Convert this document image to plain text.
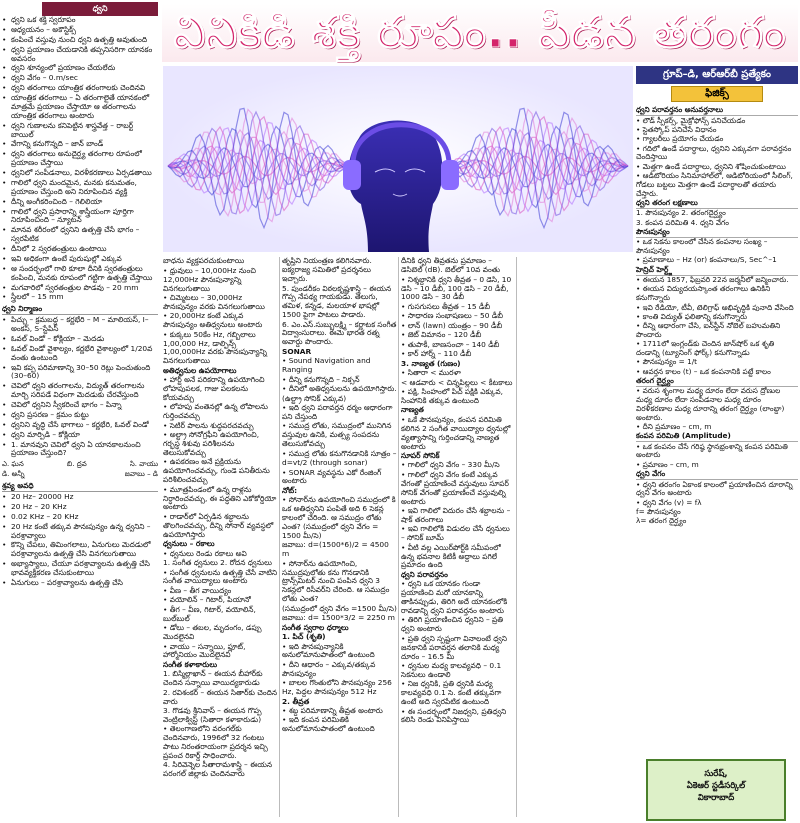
ధ్వని
• ధ్వని ఒక శక్తి స్వరూపం
• ఆధ్యయనం – అకౌస్టిక్స్
• కంపించే వస్తువు నుంచి ధ్వని ఉత్పత్తి అవుతుంది
• ధ్వని ప్రయాణం చేయడానికి తప్పనిసరిగా యానకం అవసరం
• ధ్వని శూన్యంలో ప్రయాణం చేయలేదు
• ధ్వని వేగం – 0.m/sec
• ధ్వని తరంగాలు యాంత్రిక తరంగాలకు చెందినవి
• యాంత్రిక తరంగాలు – ఏ తరంగాలైతే యానకంలో మాత్రమే ప్రయాణం చేస్తాయో ఆ తరంగాలను యాంత్రిక తరంగాలు అంటారు
• ధ్వని గుణాలను కనిపెట్టిన శాస్త్రవేత్త – రాబర్ట్ బాయిల్
• వేగాన్ని కనుగొన్నది – జాన్ బాండ్
• ధ్వని తరంగాలు అనుదైర్ఘ్య తరంగాల రూపంలో ప్రయాణం చేస్తాయి
• ధ్వనిలో సంపీడనాలు, విరళీకరణాలు ఏర్పడతాయి
• గాలిలో ధ్వని మందమైన, మనకు కనుమతం, ప్రయాణం చేస్తుంది అని నిరూపించిన వ్యక్తి
• దీన్ని అంగీకరించింది – గెలిలియా
• గాలిలో ధ్వని ప్రసారాన్ని శాస్త్రీయంగా పూర్తిగా నిరూపించింది – న్యూటన్
• మానవ శరీరంలో ధ్వనిని ఉత్పత్తి చేసే భాగం – స్వరపేటిక
• దీనిలో 2 స్వరతంత్రులు ఉంటాయి
• ఇవి అధికంగా ఉంటే పురుషుల్లో ఎక్కువ
• ఆ సందర్భంలో గాలి కూలా దీనికి స్వరతంత్రులు కంపించి, మనకు రూపంలో గట్టిగా ఉత్పత్తి చేస్తాయి
• మగవారిలో స్వరతంత్రుల పొడవు – 20 mm
• స్త్రీలలో – 15 mm
ధ్వని నిర్మాణం
• పిచ్చు – క్రమబద్ధ – కర్ణభేరి – M – మాలియస్, I–అంకస్, S–స్టేపిస్
• ఓవల్ విండో – కోక్లియా – మెదడు
• ఓవల్ విండో వైశాల్యం, కర్ణభేరి వైశాల్యంలో 1/20వ వంతు ఉంటుంది
• ఇవి కప్ప పరిమాణాన్ని 30–50 రెట్లు పెంచుతుంది (30–60)
• చెవిలో ధ్వని తరంగాలను, విద్యుత్ తరంగాలను మార్చి సరిపడే విధంగా మెదడుకు చేరవేస్తుంది
• చెవిలో ధ్వనిని స్వీకరించే భాగం – పిన్నా
• ధ్వని ప్రసరణ – క్రమం కుట్టు
• ధ్వనిని వృద్ధి చేసే భాగాలు – కర్ణభేరి, ఓవల్ విండో
• ధ్వని మార్పిడి – కోక్లియా
• 1. మానవుని చెవిలో ధ్వని ఏ యానకాలనుంచి ప్రయాణం చేస్తుంది?
ఎ. ఘన	బి. ద్రవ	సి. వాయు
డి. అన్నీ	జవాబు – డి
శ్రవ్య అవధి
• 20 Hz– 20000 Hz
• 20 Hz – 20 KHz
• 0.02 KHz – 20 KHz
• 20 Hz కంటే తక్కువ పౌనఃపున్యం ఉన్న ధ్వనిని – పరశ్రావ్యాలు
• కొన్ని చేపలు, తిమింగలాలు, ఏనుగులు మెదడులో పరశ్రావ్యాలను ఉత్పత్తి చేసి వినగలుగుతాయి
• అభ్యాస్యాలు, చేయూ పరశ్రావ్యాలను ఉత్పత్తి చేసి భావవ్యక్తీకరణ చేసుకుంటాయి
• ఏనుగులు – పరశ్రావ్యాలను ఉత్పత్తి చేసి
వినికిడి శక్తి రూపం.. పీడన తరంగం
గ్రూప్–డి, ఆర్ఆర్‌బీ ప్రత్యేకం
ఫిజిక్స్
ధ్వని పరావర్తనం అనువర్తనాలు
• లౌడ్ స్పీకర్స్, మైక్రోఫోన్స్ పనిచేయడం
• స్టెతస్కోప్ పనిచేసే విధానం
• గ్యాలరీలు ప్రయోగం చేయడం
• గదిలో ఉండే పదార్థాలు, ధ్వనిని ఎక్కువగా పరావర్తనం చెందిస్తాయి
• మెత్తగా ఉండే పదార్థాలు, ధ్వనిని శోషించుకుంటాయి
• ఆడిటోరియం సినిమాహాల్‌లో, ఆడిటోరియంలో సీలింగ్, గోడలు బట్టలు మెత్తగా ఉండే పదార్థాలతో తయారు చేస్తారు.
ధ్వని తరంగ లక్షణాలు
1. పౌనఃపున్యం 2. తరంగదైర్ఘ్యం
3. కంపన పరిమితి 4. ధ్వని వేగం
పౌనఃపున్యం
• ఒక సెకను కాలంలో చేసిన కంపనాల సంఖ్య – పౌనఃపున్యం
• ప్రమాణాలు – Hz (or) కంపనాలు/S, Sec^–1
హెన్రిచ్ హెర్ట్జ్
• ఈయన 1857, ఫిబ్రవరి 22న జర్మనీలో జన్మించారు.
• ఈయన విద్యుదయస్కాంత తరంగాలు ఉనికిని కనుగొన్నారు
• ఇవి రేడియో, టీవీ, టెలిగ్రాఫ్ అభివృద్ధికి పునాది వేసింది
• కాంతి విద్యుత్ ఫలితాన్ని కనుగొన్నారు
• దీన్ని ఆధారంగా చేసి, ఐన్‌స్టీన్ నోబెల్ బహుమతిని పొందారు
• 1711లో ఇంగ్లండ్‌కు చెందిన జాన్‌షోర్ ఒక శృతి దండాన్ని (ట్యూనింగ్ ఫోర్క్) కనుగొన్నాడు
• పౌనఃపున్యం = 1/t
• ఆవర్తన కాలం (t) – ఒక కంపనానికి పట్టే కాలం
తరంగ దైర్ఘ్యం
• వరుస శృంగాల మధ్య దూరం లేదా వరుస ద్రోణుల మధ్య దూరం లేదా సంపీడనాల మధ్య దూరం విరళీకరణాల మధ్య దూరాన్ని తరంగ దైర్ఘ్యం (లాంబ్డా) అంటారు.
• దీని ప్రమాణం – cm, m
కంపన పరిమితి (Amplitude)
• ఒక కంపనం చేసే గరిష్ఠ స్థానభ్రంశాన్ని కంపన పరిమితి అంటారు
• ప్రమాణం – cm, m
ధ్వని వేగం
• ధ్వని తరంగం ఏకాంక కాలంలో ప్రయాణించిన దూరాన్ని ధ్వని వేగం అంటారు
• ధ్వని వేగం (v) = fλ
f= పౌనఃపున్యం
λ= తరంగ దైర్ఘ్యం
సురేష్,
ఏకెఆర్ స్టడీసర్కిల్
వికారాబాద్
బాధను వ్యక్తపరచుకుంటాయి
• ధ్రువులు – 10,000Hz నుంచి 12,000Hz పౌనఃపున్యాన్ని వినగలుగుతాయి
• చిమ్మెటలు – 30,000Hz పౌనఃపున్యం వరకు వినగలుగుతాయి
• 20,000Hz కంటే ఎక్కువ పౌనఃపున్యం అతిధ్వనులు అంటారు
• కుక్కలు 50కేం Hz, గబ్బిలాలు 1,00,000 Hz, డాల్ఫిన్స్ 1,00,000Hz వరకు పౌనఃపున్యాన్ని వినగలుగుతాయి
అతిధ్వనుల ఉపయోగాలు
• హార్ట్ అనే పరికరాన్ని ఉపయోగించి లోహపుపలక, గాజు పలకలను కోయవచ్చు
• లోహపు వంతెనల్లో ఉన్న లోపాలను గుర్తించవచ్చు
• సెటిర్ పాలను శుద్ధపరచవచ్చు
• అల్ట్రా సోనోగ్రఫీని ఉపయోగించి, గర్భస్థ శిశువు పరిశీలనను తెలుసుకోవచ్చు
• ఉపకరణం అనే ప్రక్రియను ఉపయోగించవచ్చు, గుండె పనితీరును పరిశీలించవచ్చు
• మూత్రపిండంలో ఉన్న రాళ్లను నిర్ధారించవచ్చు, ఈ పద్ధతిని ఎకోకోర్డియో అంటారు
• రాడార్‌లో ఏర్పడిన శబ్ధాలను తొలగించవచ్చు, దీన్ని సోనార్ వ్యవస్థలో ఉపయోగిస్తారు
ధ్వనులు – రకాలు
• ధ్వనులు రెండు రకాలు అవి
1. సంగీత ధ్వనులు 2. రోదన ధ్వనులు
• సంగీత ధ్వనులను ఉత్పత్తి చేసే వాటిని సంగీత వాయిద్యాలు అంటారు
• వీణ – తీగ వాయిద్యం
• వయోలిన్ – గిటార్, పియానో
• తీగ – వీణ, గిటార్, వయోలిన్, బుల్‌బుల్
• డోలు – తబల, మృదంగం, డప్పు మొదలైనవి
• వాయు – సన్నాయి, ఫ్లూట్, హార్మోనియం మొదలైనవి
సంగీత కళాకారులు
1. బిస్మిల్లాఖాన్ – ఈయన బీహార్‌కు చెందిన సన్నాయి వాయిద్యకారుడు
2. రవిశంకర్ – ఈయన సితార్‌కు చెందిన వారు
3. గొడవు శ్రీనివాస్ – ఈయన గొప్ప వెంట్రిలాక్విస్ట్ (సితారా కళాకారుడు)
• తెలంగాణలోని వరంగల్‌కు చెందినవారు, 1996లో 32 గంటలు పాటు నిరంతరాయంగా ప్రదర్శన ఇచ్చి ప్రపంచ రికార్డ్ సాధించారు.
4. సిరివెన్నెల సీతారామశాస్త్రి – ఈయన పరంగల్ జిల్లాకు చెందినవారు
తృప్తిని నియంత్రణ కలిగినవారు. ఐక్యరాజ్య సమితిలో ప్రదర్శనలు ఇచ్చారు.
5. పుండరీకం విఠలకృష్ణశాస్త్రి – ఈయన గొప్ప నేపథ్య గాయకుడు. తెలుగు, తమిళ, కన్నడ, మలయాళ భాషల్లో 1500 పైగా పాటలు పాడారు.
6. ఎం.ఎస్.సుబ్బులక్ష్మి – కర్ణాటక సంగీత విద్వాంసురాలు. ఈమె భారత రత్న అవార్డు పొందారు.
SONAR
• Sound Navigation and Ranging
• దీన్ని కనుగొన్నది – నిక్సన్
• దీనిలో అతిధ్వనులను ఉపయోగిస్తారు.
(ఉల్ట్రా సోనిక్ ఎక్కువ)
• ఇది ధ్వని పరావర్తన ధర్మం ఆధారంగా పని చేస్తుంది
• సముద్ర లోతు, సముద్రంలో మునిగిన వస్తువుల ఉనికి, మత్స్య సంపదను తెలుసుకోవచ్చు
• సముద్ర లోతు కనుగొనడానికి సూత్రం –
d=vt/2 (through sonar)
• SONAR వ్యవస్థను ఎకో రేంజింగ్ అంటారు
నోట్:
• సోనార్‌ను ఉపయోగించి సముద్రంలో కి ఒక అతిధ్వనిని పంపితే అది 6 సెకన్ల కాలంలో చేరింది. ఆ సముద్రం లోతు ఎంత? (సముద్రంలో ధ్వని వేగం = 1500 మీ/సె)
జవాబు: d=(1500*6)/2 = 4500 m
• సోనార్‌ను ఉపయోగించి, సముద్రపులోతు కను గొనడానికి ట్రాన్స్‌మిటర్ నుంచి పంపిన ధ్వని 3 సెకన్లలో రిసీవర్‌ని చేరింది. ఆ సముద్రం లోతు ఎంత?
(సముద్రంలో ధ్వని వేగం =1500 మీ/సె)
జవాబు: d= 1500*3/2 = 2250 m
సంగీత స్వరాల ధర్మాలు
1. పిచ్ (శృతి)
• ఇది పౌనఃపున్యానికి అనులోమానుపాతంలో ఉంటుంది
• దీని ఆధారం – ఎక్కువ/తక్కువ పౌనఃపున్యం
• బాలల గొంతులోని పౌనఃపున్యం 256 Hz, పెద్దల పౌనఃపున్యం 512 Hz
2. తీవ్రత
• శబ్ద పరిమాణాన్ని తీవ్రత అంటారు
• ఇది కంపన పరిమితికి అనులోమానుపాతంలో ఉంటుంది
దీనికి ధ్వని తీవ్రతను ప్రమాణం – డెసిబెల్ (dB). బెల్‌లో 10వ వంతు
• నిశ్శబ్దానికి ధ్వని తీవ్రత – 0 డెసి, 10 డెసి – 10 డీబీ, 100 డెసి – 20 డీబీ, 1000 డెసి – 30 డీబీ
• గుసగుసలు తీవ్రత – 15 డీబీ
• సాధారణ సంభాషణలు – 50 డీబీ
• లాన్‌ (lawn) యంత్రం – 90 డీబీ
• జెట్ విమానం – 120 డీబీ
• తుపాకీ, బాణసంచా – 140 డీబీ
• కార్ హార్న్ – 110 డీబీ
3. నాణ్యత (గుణం)
• సితారా < మురళా
< ఆడవారు < చిన్నపిల్లలు < కీటకాలు
• పక్షి, సింహంలో పిచ్ పక్షికి ఎక్కువ, సింహానికి తక్కువ ఉంటుంది
నాణ్యత
• ఒకే పౌనఃపున్యం, కంపన పరిమితి కలిగిన 2 సంగీత వాయిద్యాల ధ్వనుల్లో వ్యత్యాసాన్ని గుర్తించడాన్ని నాణ్యత అంటారు
సూపర్ సోనిక్
• గాలిలో ధ్వని వేగం – 330 మీ/సె
• గాలిలో ధ్వని వేగం కంటే ఎక్కువ వేగంతో ప్రయాణించే వస్తువులు సూపర్ సోనిక్ వేగంతో ప్రయాణించే వస్తువుల్ని అంటారు
• ఇవి గాలిలో విదురం చేసే శబ్దాలను – షాక్ తరంగాలు
• ఇవి గాలిలోకి విడుదల చేసే ధ్వనులు – సోనిక్ బూమ్
• వీటి వల్ల ఎయిర్‌పోర్ట్‌కి సమీపంలో ఉన్న భవనాల కిటికీ అద్దాలు పగిలే ప్రమాదం ఉంది
ధ్వని పరావర్తనం
• ధ్వని ఒక యానకం గుండా ప్రయాణించి మరో యానకాన్ని తాకినప్పుడు, తిరిగి అదే యానకంలోకి రావడాన్ని ధ్వని పరావర్తనం అంటారు
• తిరిగి ప్రయాణించిన ధ్వనిని – ప్రతి ధ్వని అంటారు
• ప్రతి ధ్వని స్పష్టంగా వినాలంటే ధ్వని జనకానికి పరావర్తన తలానికి మధ్య దూరం – 16.5 మీ
• ధ్వనుల మధ్య కాలవ్యవధి – 0.1 సెకనులు ఉండాలి
• నిజ ధ్వనికి, ప్రతి ధ్వనికి మధ్య కాలవ్యవధి 0.1 సె. కంటే తక్కువగా ఉంటే అది స్వరపేటిక ఉంటుంది
• ఈ సందర్భంలో నిజధ్వని, ప్రతిధ్వని కలిసి రెండు వినిపిస్తాయి
